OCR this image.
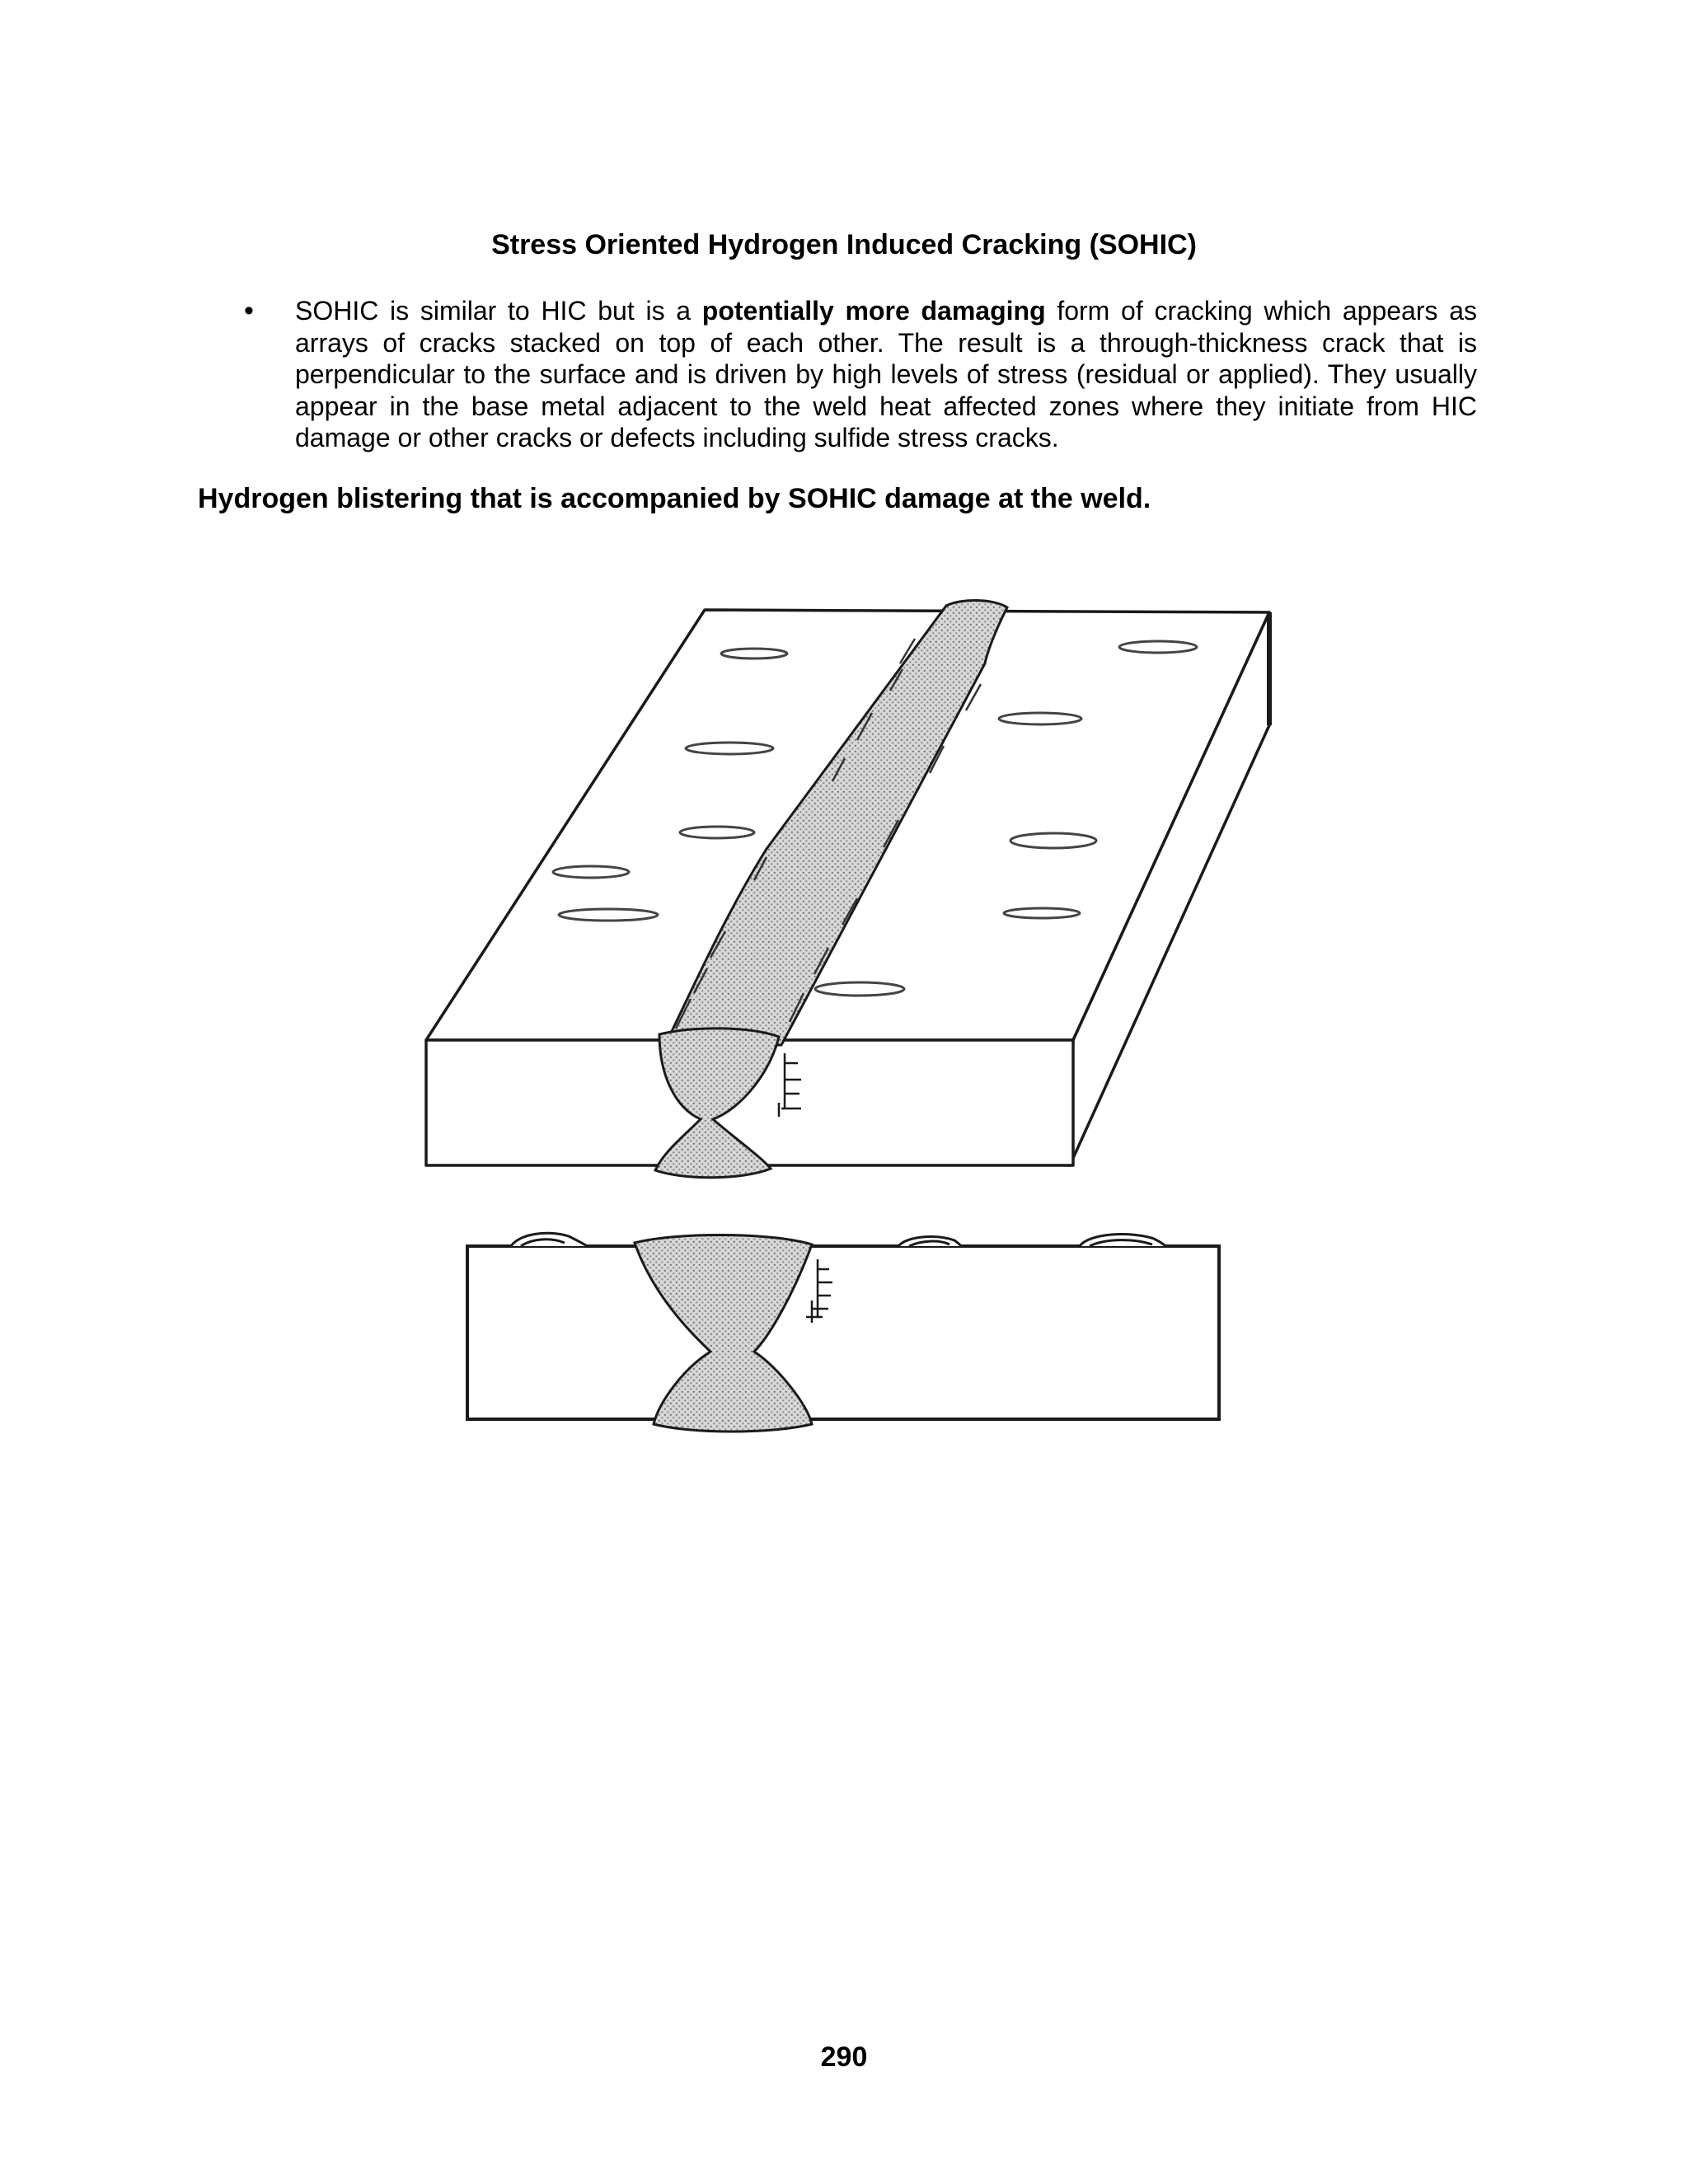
Stress Oriented Hydrogen Induced Cracking (SOHIC)
• SOHIC is similar to HIC but is a potentially more damaging form of cracking which appears as arrays of cracks stacked on top of each other. The result is a through-thickness crack that is perpendicular to the surface and is driven by high levels of stress (residual or applied). They usually appear in the base metal adjacent to the weld heat affected zones where they initiate from HIC damage or other cracks or defects including sulfide stress cracks.
Hydrogen blistering that is accompanied by SOHIC damage at the weld.
290
